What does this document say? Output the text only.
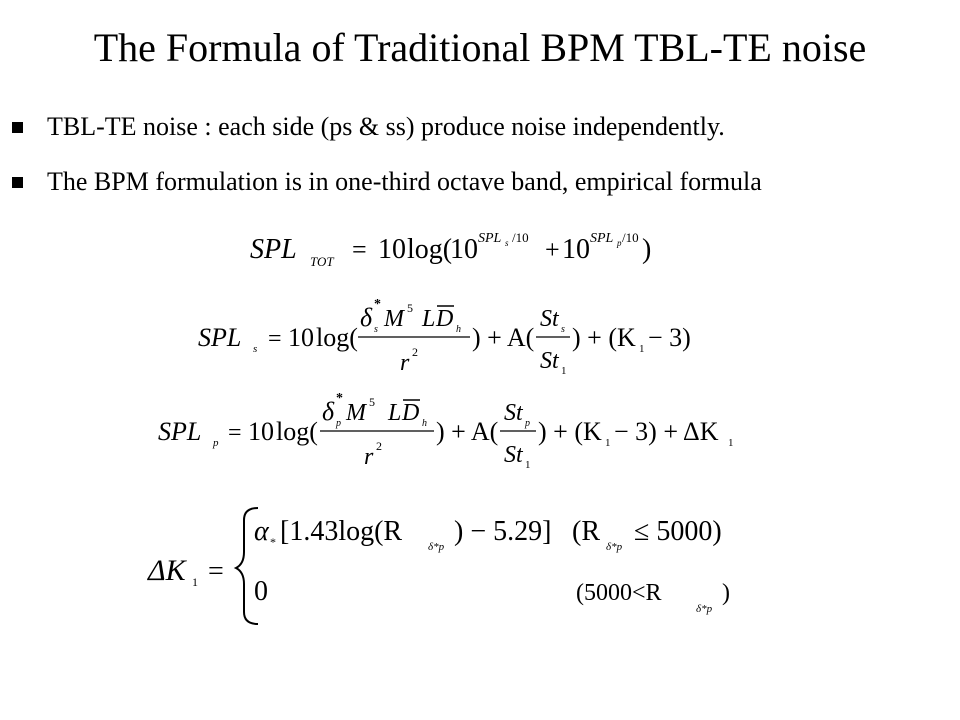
The Formula of Traditional BPM TBL-TE noise
TBL-TE noise : each side (ps & ss) produce noise independently.
The BPM formulation is in one-third octave band, empirical formula
SPL TOT = 10 log(
10 SPL s /10 + 10 SPL p /10 )
SPL s = 10 log(
δ *
s M 5 L D h
r 2 ) + A(
St s
St 1
) + (K 1 − 3)
SPL p = 10 log(
δ *
p M 5 L D h
r 2 ) + A(
St p
St 1
) + (K 1 − 3) + ΔK 1
ΔK 1 =
α * [1.43log(R δ*p ) − 5.29] (R δ*p ≤ 5000)
0	(5000<R
δ*p
)
